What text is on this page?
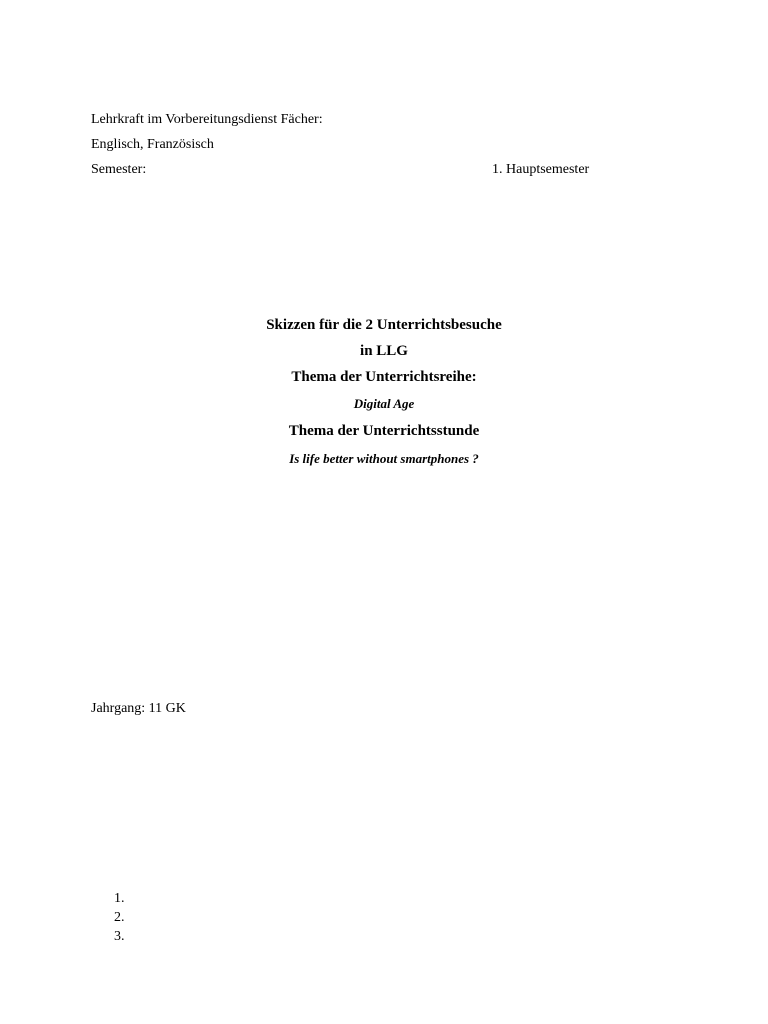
Lehrkraft im Vorbereitungsdienst Fächer:
Englisch, Französisch
Semester:	1. Hauptsemester
Skizzen für die 2 Unterrichtsbesuche
in LLG
Thema der Unterrichtsreihe:
Digital Age
Thema der Unterrichtsstunde
Is life better without smartphones ?
Jahrgang: 11 GK
1.
2.
3.
